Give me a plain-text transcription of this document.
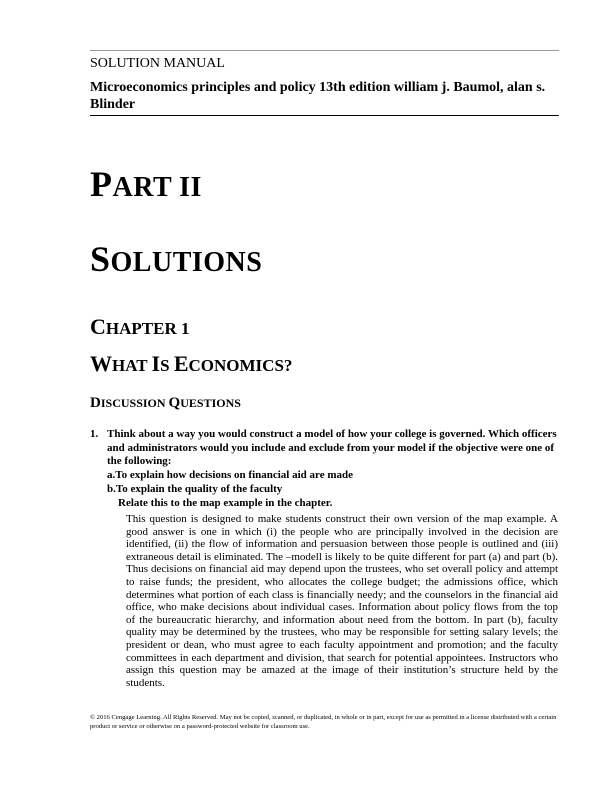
SOLUTION MANUAL
Microeconomics principles and policy 13th edition william j. Baumol, alan s. Blinder
PART II
SOLUTIONS
CHAPTER 1
WHAT IS ECONOMICS?
DISCUSSION QUESTIONS
1. Think about a way you would construct a model of how your college is governed. Which officers and administrators would you include and exclude from your model if the objective were one of the following:
a.To explain how decisions on financial aid are made
b.To explain the quality of the faculty
Relate this to the map example in the chapter.
This question is designed to make students construct their own version of the map example. A good answer is one in which (i) the people who are principally involved in the decision are identified, (ii) the flow of information and persuasion between those people is outlined and (iii) extraneous detail is eliminated. The –modell is likely to be quite different for part (a) and part (b). Thus decisions on financial aid may depend upon the trustees, who set overall policy and attempt to raise funds; the president, who allocates the college budget; the admissions office, which determines what portion of each class is financially needy; and the counselors in the financial aid office, who make decisions about individual cases. Information about policy flows from the top of the bureaucratic hierarchy, and information about need from the bottom. In part (b), faculty quality may be determined by the trustees, who may be responsible for setting salary levels; the president or dean, who must agree to each faculty appointment and promotion; and the faculty committees in each department and division, that search for potential appointees. Instructors who assign this question may be amazed at the image of their institution’s structure held by the students.
© 2016 Cengage Learning. All Rights Reserved. May not be copied, scanned, or duplicated, in whole or in part, except for use as permitted in a license distributed with a certain product or service or otherwise on a password-protected website for classroom use.
